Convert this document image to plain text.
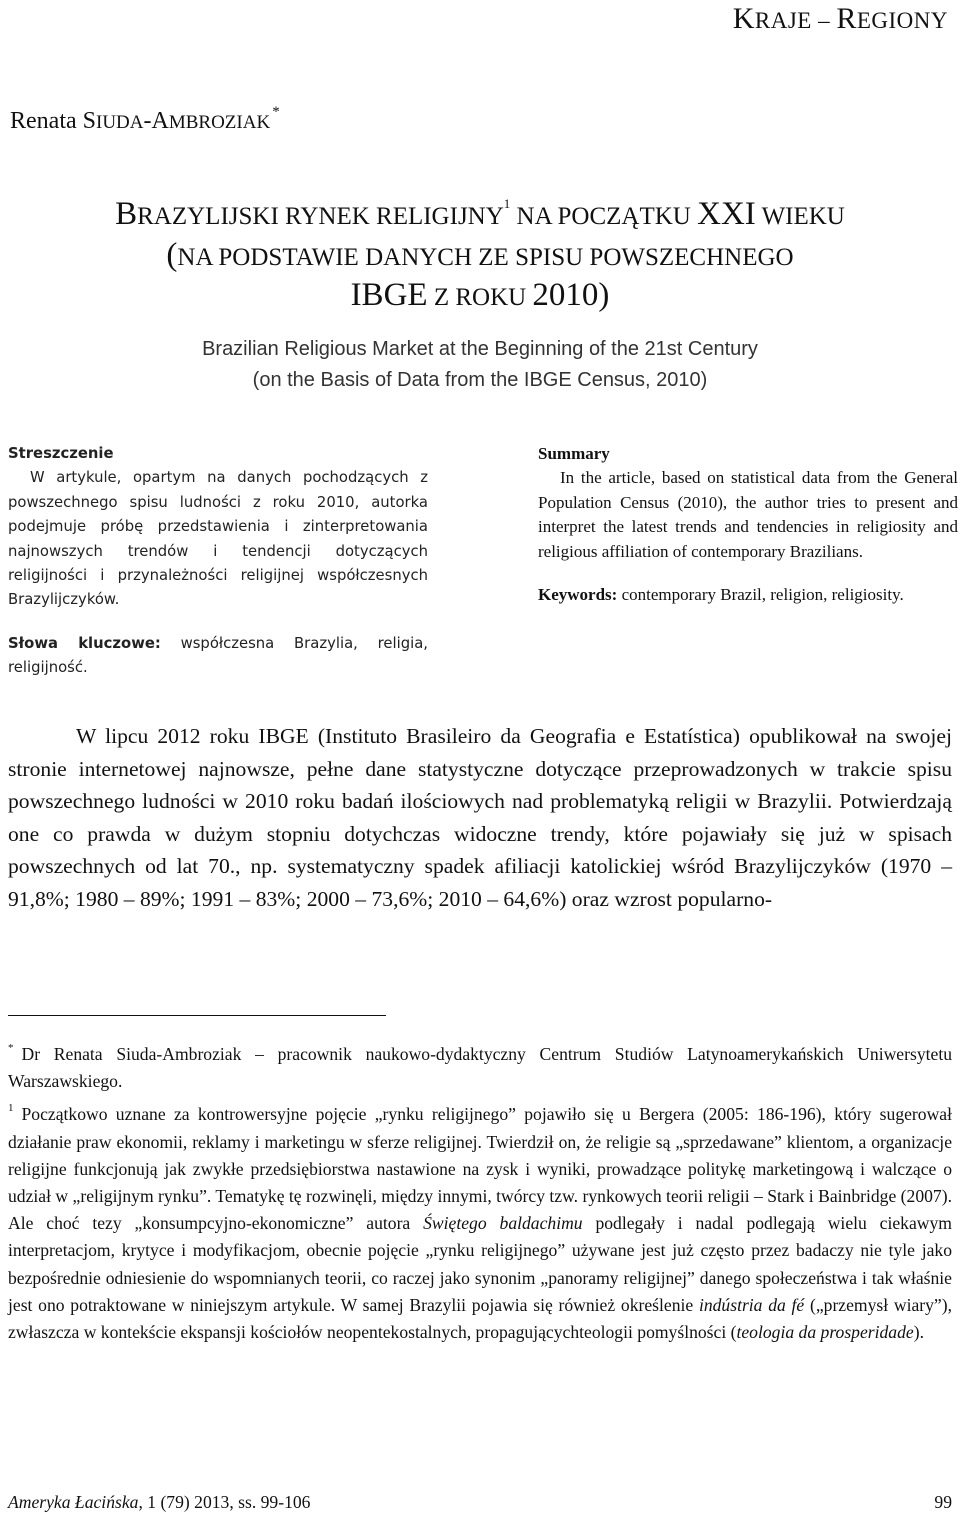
KRAJE – REGIONY
Renata SIUDA-AMBROZIAK *
BRAZYLIJSKI RYNEK RELIGIJNY$^1$ NA POCZĄTKU XXI WIEKU
(NA PODSTAWIE DANYCH ZE SPISU POWSZECHNEGO
IBGE Z ROKU 2010)
Brazilian Religious Market at the Beginning of the 21st Century
(on the Basis of Data from the IBGE Census, 2010)
Streszczenie
W artykule, opartym na danych pochodzących z powszechnego spisu ludności z roku 2010, autorka podejmuje próbę przedstawienia i zinterpretowania najnowszych trendów i tendencji dotyczących religijności i przynależności religijnej współczesnych Brazylijczyków.
Słowa kluczowe: współczesna Brazylia, religia, religijność.
Summary
In the article, based on statistical data from the General Population Census (2010), the author tries to present and interpret the latest trends and tendencies in religiosity and religious affiliation of contemporary Brazilians.
Keywords: contemporary Brazil, religion, religiosity.
W lipcu 2012 roku IBGE (Instituto Brasileiro da Geografia e Estatística) opublikował na swojej stronie internetowej najnowsze, pełne dane statystyczne dotyczące przeprowadzonych w trakcie spisu powszechnego ludności w 2010 roku badań ilościowych nad problematyką religii w Brazylii. Potwierdzają one co prawda w dużym stopniu dotychczas widoczne trendy, które pojawiały się już w spisach powszechnych od lat 70., np. systematyczny spadek afiliacji katolickiej wśród Brazylijczyków (1970 – 91,8%; 1980 – 89%; 1991 – 83%; 2000 – 73,6%; 2010 – 64,6%) oraz wzrost popularno-

* Dr Renata Siuda-Ambroziak – pracownik naukowo-dydaktyczny Centrum Studiów Latynoamerykańskich Uniwersytetu Warszawskiego.

$^1$ Początkowo uznane za kontrowersyjne pojęcie „rynku religijnego” pojawiło się u Bergera (2005: 186-196), który sugerował działanie praw ekonomii, reklamy i marketingu w sferze religijnej. Twierdził on, że religie są „sprzedawane” klientom, a organizacje religijne funkcjonują jak zwykłe przedsiębiorstwa nastawione na zysk i wyniki, prowadzące politykę marketingową i walczące o udział w „religijnym rynku”. Tematykę tę rozwinęli, między innymi, twórcy tzw. rynkowych teorii religii – Stark i Bainbridge (2007). Ale choć tezy „konsumpcyjno-ekonomiczne” autora Świętego baldachimu podlegały i nadal podlegają wielu ciekawym interpretacjom, krytyce i modyfikacjom, obecnie pojęcie „rynku religijnego” używane jest już często przez badaczy nie tyle jako bezpośrednie odniesienie do wspomnianych teorii, co raczej jako synonim „panoramy religijnej” danego społeczeństwa i tak właśnie jest ono potraktowane w niniejszym artykule. W samej Brazylii pojawia się również określenie indústria da fé („przemysł wiary”), zwłaszcza w kontekście ekspansji kościołów neopentekostalnych, propagującychteologii pomyślności (teologia da prosperidade).

Ameryka Łacińska, 1 (79) 2013, ss. 99-106	99
